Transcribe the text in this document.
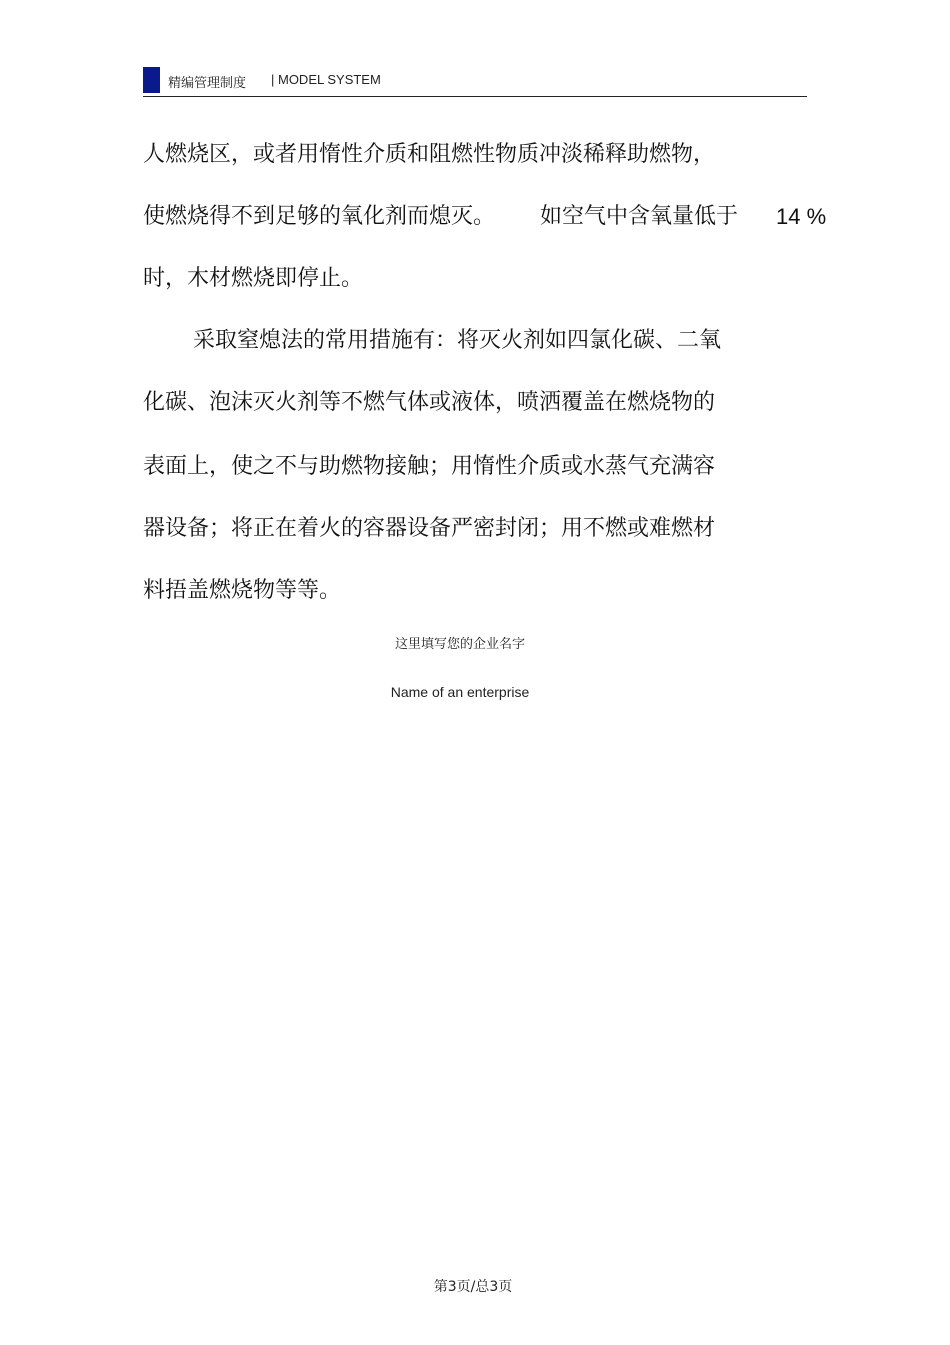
精编管理制度 | MODEL SYSTEM
人燃烧区，或者用惰性介质和阻燃性物质冲淡稀释助燃物，
使燃烧得不到足够的氧化剂而熄灭。 如空气中含氧量低于 14 %
时，木材燃烧即停止。
采取窒熄法的常用措施有：将灭火剂如四氯化碳、二氧
化碳、泡沫灭火剂等不燃气体或液体，喷洒覆盖在燃烧物的
表面上，使之不与助燃物接触；用惰性介质或水蒸气充满容
器设备；将正在着火的容器设备严密封闭；用不燃或难燃材
料捂盖燃烧物等等。
这里填写您的企业名字
Name of an enterprise
第3页/总3页
